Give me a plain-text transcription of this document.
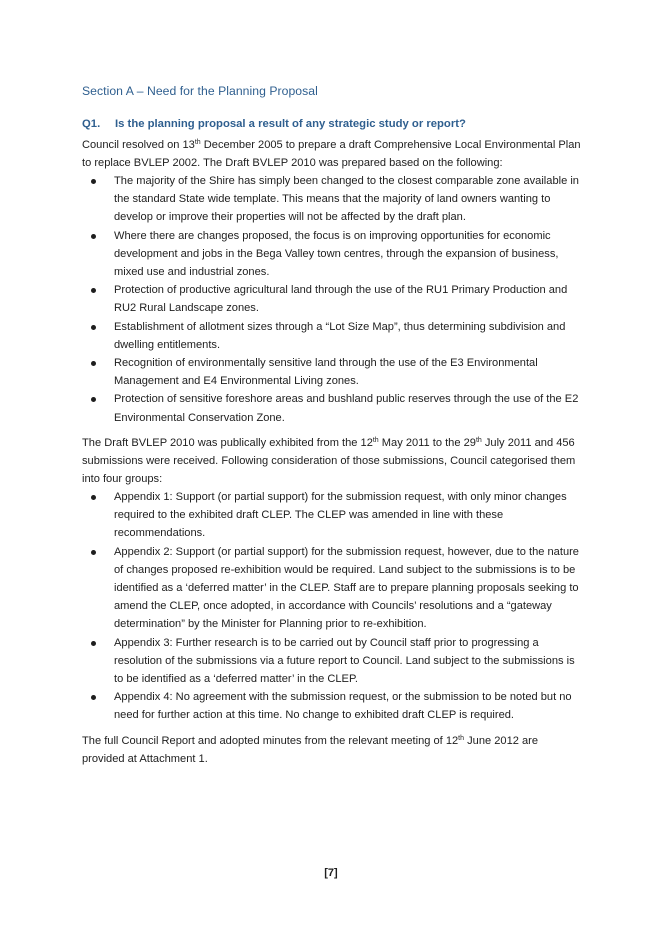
Section A – Need for the Planning Proposal
Q1. Is the planning proposal a result of any strategic study or report?
Council resolved on 13th December 2005 to prepare a draft Comprehensive Local Environmental Plan to replace BVLEP 2002. The Draft BVLEP 2010 was prepared based on the following:
The majority of the Shire has simply been changed to the closest comparable zone available in the standard State wide template. This means that the majority of land owners wanting to develop or improve their properties will not be affected by the draft plan.
Where there are changes proposed, the focus is on improving opportunities for economic development and jobs in the Bega Valley town centres, through the expansion of business, mixed use and industrial zones.
Protection of productive agricultural land through the use of the RU1 Primary Production and RU2 Rural Landscape zones.
Establishment of allotment sizes through a “Lot Size Map”, thus determining subdivision and dwelling entitlements.
Recognition of environmentally sensitive land through the use of the E3 Environmental Management and E4 Environmental Living zones.
Protection of sensitive foreshore areas and bushland public reserves through the use of the E2 Environmental Conservation Zone.
The Draft BVLEP 2010 was publically exhibited from the 12th May 2011 to the 29th July 2011 and 456 submissions were received. Following consideration of those submissions, Council categorised them into four groups:
Appendix 1: Support (or partial support) for the submission request, with only minor changes required to the exhibited draft CLEP. The CLEP was amended in line with these recommendations.
Appendix 2: Support (or partial support) for the submission request, however, due to the nature of changes proposed re-exhibition would be required. Land subject to the submissions is to be identified as a ‘deferred matter’ in the CLEP. Staff are to prepare planning proposals seeking to amend the CLEP, once adopted, in accordance with Councils’ resolutions and a “gateway determination” by the Minister for Planning prior to re-exhibition.
Appendix 3: Further research is to be carried out by Council staff prior to progressing a resolution of the submissions via a future report to Council. Land subject to the submissions is to be identified as a ‘deferred matter’ in the CLEP.
Appendix 4: No agreement with the submission request, or the submission to be noted but no need for further action at this time. No change to exhibited draft CLEP is required.
The full Council Report and adopted minutes from the relevant meeting of 12th June 2012 are provided at Attachment 1.
[7]
